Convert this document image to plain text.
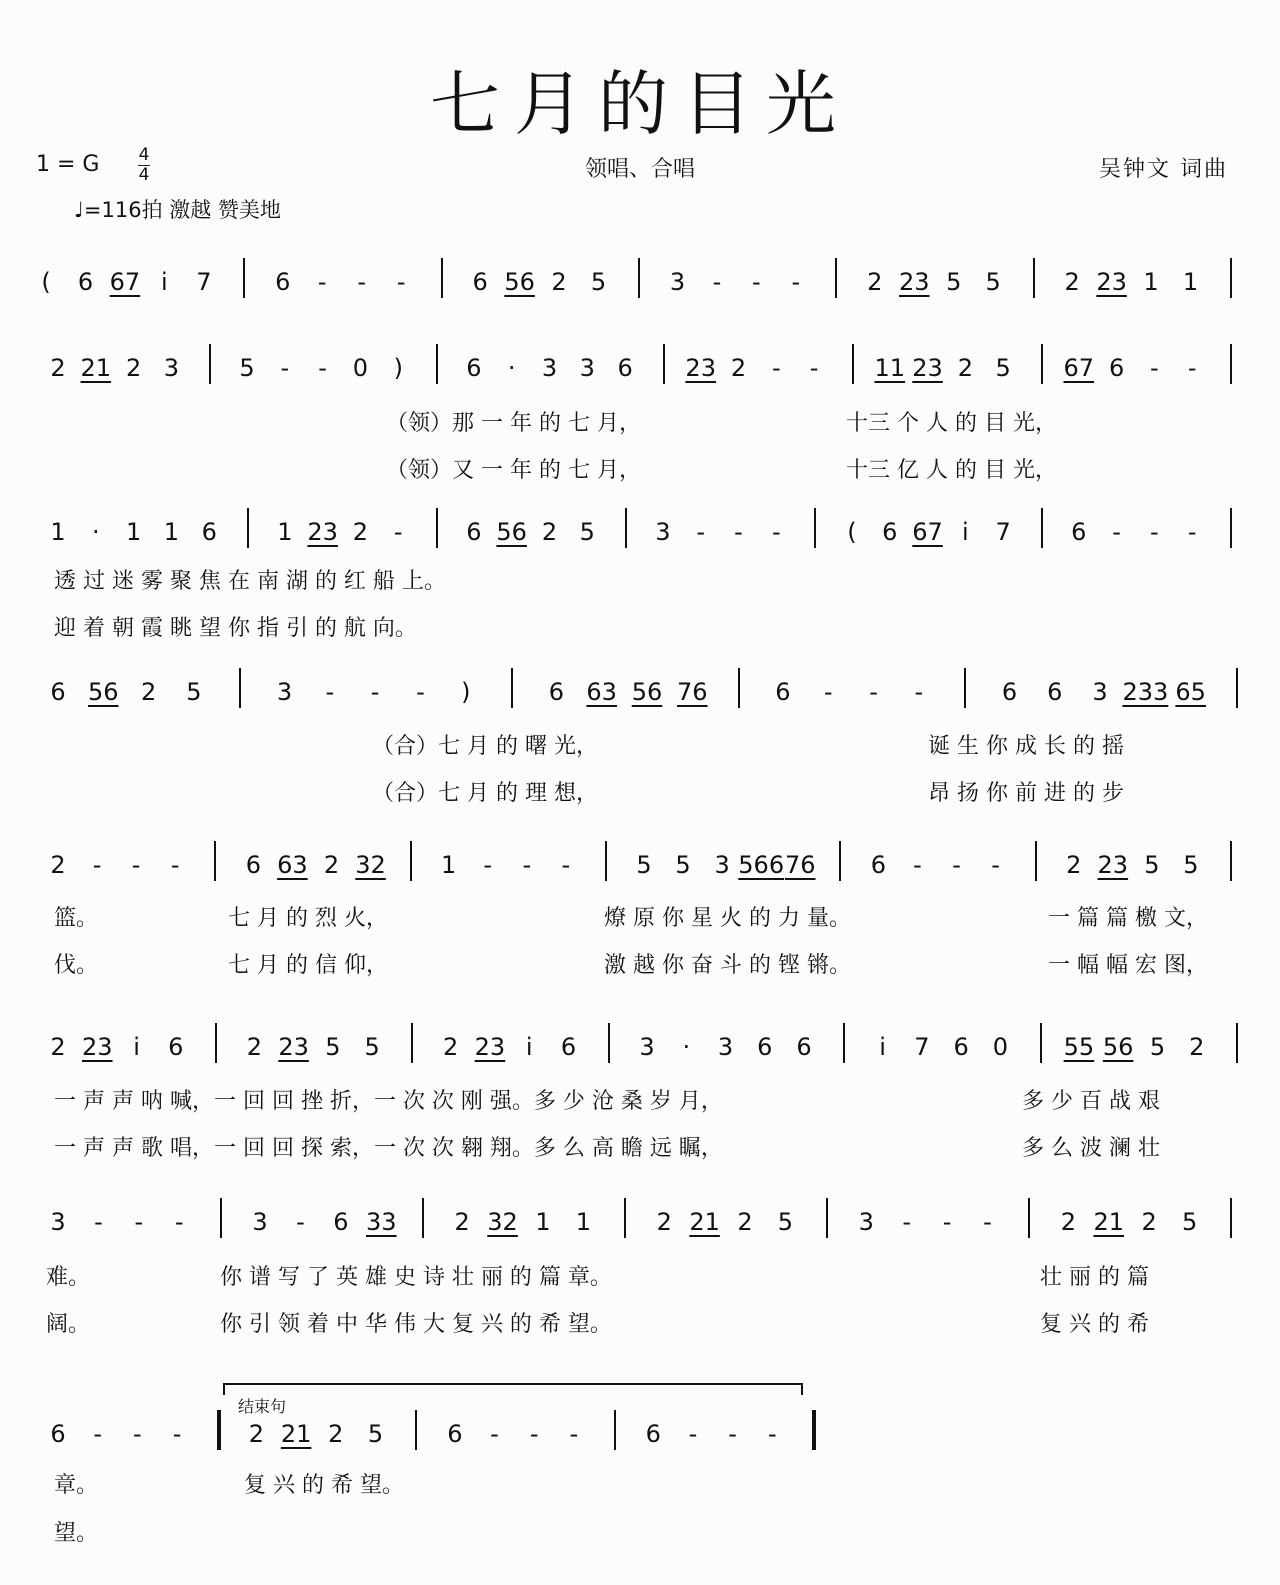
七月的目光
1 = G 4
4
♩=116拍 激越 赞美地
领唱、合唱	吴钟文 词曲
( 6 67 i 7	6 - - -	6 56 2 5	3 - - -	2 23 5 5	2 23 1 1
2 21 2 3	5 - - 0 )	6 · 3 3 6 23 2 - - 11 23 2 5 67 6 - -
1 · 1 1 6	1 23 2 -	6 56 2 5	3 - - -	( 6 67 i 7	6 - - -
6 56 2 5	3 - - - )	6 63 56 76	6 - - -	6 6 3 233 65
2 - - -	6 63 2 32 1 - - -	5 5 3 566 76 6 - - -	2 23 5 5
2 23 i 6	2 23 5 5	2 23 i 6	3 · 3 6 6	i 7 6 0 55 56 5 2
3 - - -	3 - 6 33 2 32 1 1	2 21 2 5	3 - - -	2 21 2 5
6 - - -	2 21 2 5	6 - - -	6 - - -
（领）那 一 年 的 七 月，	十三 个 人 的 目 光，
（领）又 一 年 的 七 月，	十三 亿 人 的 目 光，
透 过 迷 雾 聚 焦 在 南 湖 的 红 船 上。
迎 着 朝 霞 眺 望 你 指 引 的 航 向。
（合）七 月 的 曙 光，	诞 生 你 成 长 的 摇
（合）七 月 的 理 想，	昂 扬 你 前 进 的 步
篮。	七 月 的 烈 火，	燎 原 你 星 火 的 力 量。	一 篇 篇 檄 文，
伐。	七 月 的 信 仰，	激 越 你 奋 斗 的 铿 锵。	一 幅 幅 宏 图，
一 声 声 呐 喊，一 回 回 挫 折，一 次 次 刚 强。多 少 沧 桑 岁 月，	多 少 百 战 艰
一 声 声 歌 唱，一 回 回 探 索，一 次 次 翱 翔。多 么 高 瞻 远 瞩，	多 么 波 澜 壮
难。	你 谱 写 了 英 雄 史 诗 壮 丽 的 篇 章。	壮 丽 的 篇
阔。	你 引 领 着 中 华 伟 大 复 兴 的 希 望。	复 兴 的 希
章。	复 兴 的 希 望。
望。
结束句
